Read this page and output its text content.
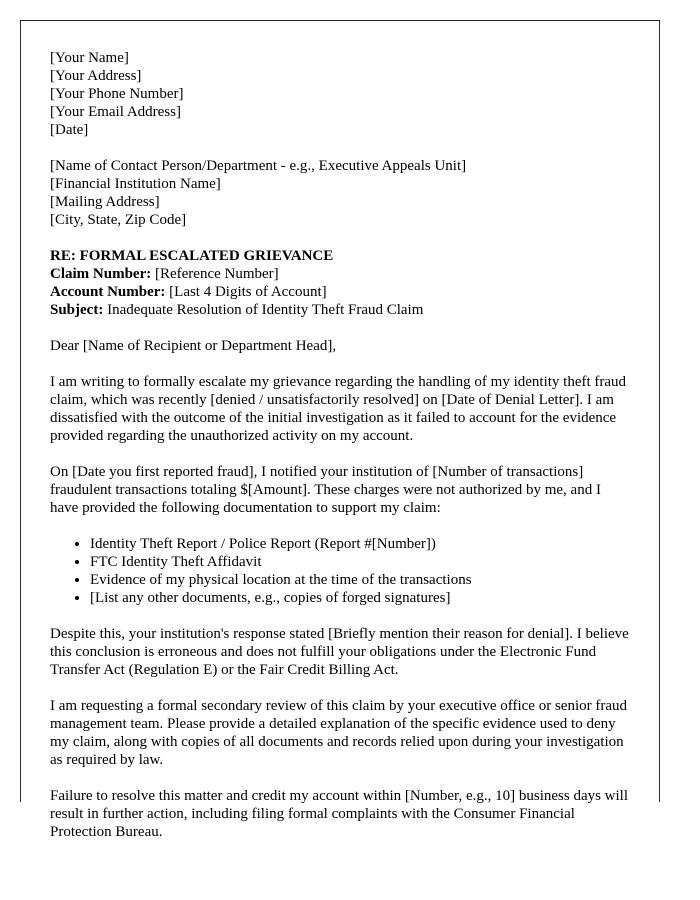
[Your Name]
[Your Address]
[Your Phone Number]
[Your Email Address]
[Date]
[Name of Contact Person/Department - e.g., Executive Appeals Unit]
[Financial Institution Name]
[Mailing Address]
[City, State, Zip Code]
RE: FORMAL ESCALATED GRIEVANCE
Claim Number: [Reference Number]
Account Number: [Last 4 Digits of Account]
Subject: Inadequate Resolution of Identity Theft Fraud Claim

Dear [Name of Recipient or Department Head],

I am writing to formally escalate my grievance regarding the handling of my identity theft fraud claim, which was recently [denied / unsatisfactorily resolved] on [Date of Denial Letter]. I am dissatisfied with the outcome of the initial investigation as it failed to account for the evidence provided regarding the unauthorized activity on my account.

On [Date you first reported fraud], I notified your institution of [Number of transactions] fraudulent transactions totaling $[Amount]. These charges were not authorized by me, and I have provided the following documentation to support my claim:

• Identity Theft Report / Police Report (Report #[Number])
• FTC Identity Theft Affidavit
• Evidence of my physical location at the time of the transactions
• [List any other documents, e.g., copies of forged signatures]

Despite this, your institution's response stated [Briefly mention their reason for denial]. I believe this conclusion is erroneous and does not fulfill your obligations under the Electronic Fund Transfer Act (Regulation E) or the Fair Credit Billing Act.

I am requesting a formal secondary review of this claim by your executive office or senior fraud management team. Please provide a detailed explanation of the specific evidence used to deny my claim, along with copies of all documents and records relied upon during your investigation as required by law.

Failure to resolve this matter and credit my account within [Number, e.g., 10] business days will result in further action, including filing formal complaints with the Consumer Financial Protection Bureau.
